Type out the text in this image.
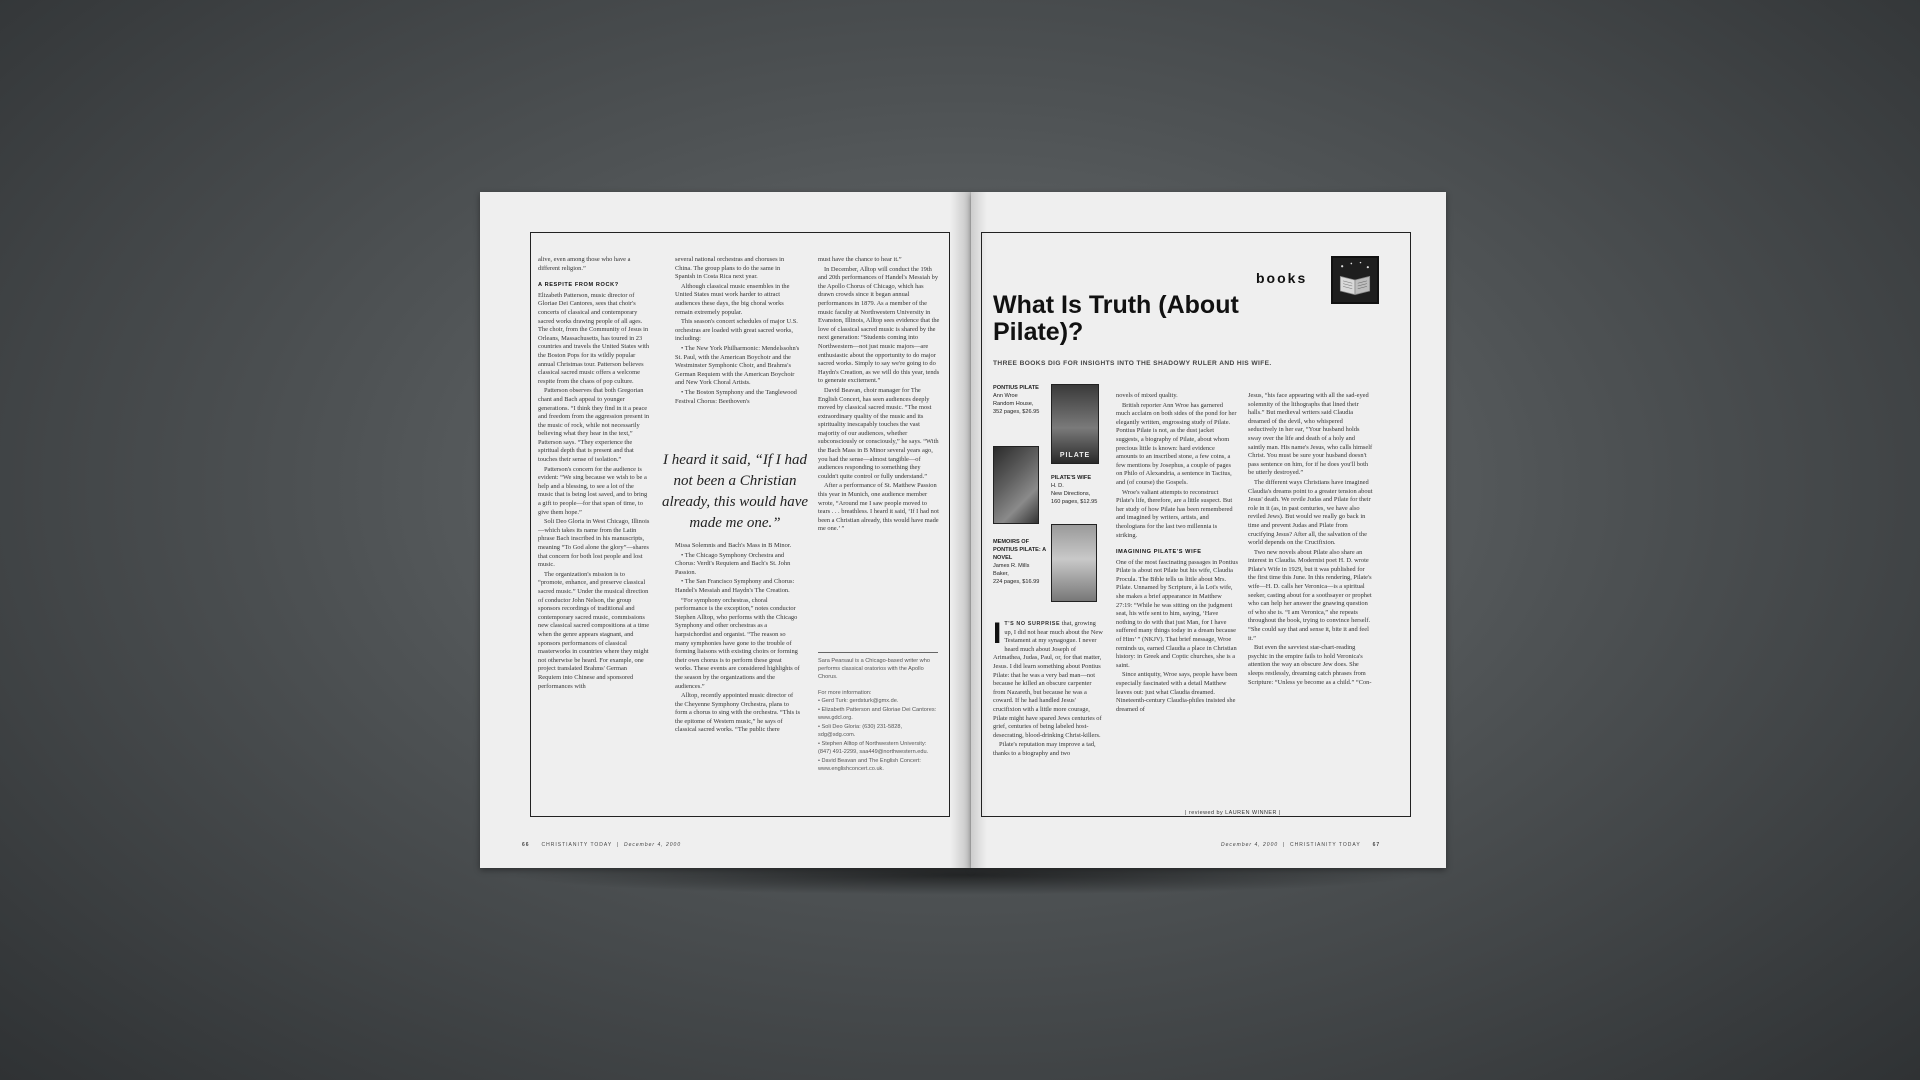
alive, even among those who have a different religion.”

A RESPITE FROM ROCK?

Elizabeth Patterson, music director of Gloriae Dei Cantores, sees that choir's concerts of classical and contemporary sacred works drawing people of all ages. The choir, from the Community of Jesus in Orleans, Massachusetts, has toured in 23 countries and travels the United States with the Boston Pops for its wildly popular annual Christmas tour. Patterson believes classical sacred music offers a welcome respite from the chaos of pop culture.

Patterson observes that both Gregorian chant and Bach appeal to younger generations. “I think they find in it a peace and freedom from the aggression present in the music of rock, while not necessarily believing what they hear in the text,” Patterson says. “They experience the spiritual depth that is present and that touches their sense of isolation.”

Patterson's concern for the audience is evident: “We sing because we wish to be a help and a blessing, to see a lot of the music that is being lost saved, and to bring a gift to people—for that span of time, to give them hope.”

Soli Deo Gloria in West Chicago, Illinois—which takes its name from the Latin phrase Bach inscribed in his manuscripts, meaning “To God alone the glory”—shares that concern for both lost people and lost music.

The organization's mission is to “promote, enhance, and preserve classical sacred music.” Under the musical direction of conductor John Nelson, the group sponsors recordings of traditional and contemporary sacred music, commissions new classical sacred compositions at a time when the genre appears stagnant, and sponsors performances of classical masterworks in countries where they might not otherwise be heard. For example, one project translated Brahms' German Requiem into Chinese and sponsored performances with

several national orchestras and choruses in China. The group plans to do the same in Spanish in Costa Rica next year.

Although classical music ensembles in the United States must work harder to attract audiences these days, the big choral works remain extremely popular.

This season's concert schedules of major U.S. orchestras are loaded with great sacred works, including:

• The New York Philharmonic: Mendelssohn's St. Paul, with the American Boychoir and the Westminster Symphonic Choir, and Brahms's German Requiem with the American Boychoir and New York Choral Artists.

• The Boston Symphony and the Tanglewood Festival Chorus: Beethoven's

I heard it said, “If I had not been a Christian already, this would have made me one.”

Missa Solemnis and Bach's Mass in B Minor.

• The Chicago Symphony Orchestra and Chorus: Verdi's Requiem and Bach's St. John Passion.

• The San Francisco Symphony and Chorus: Handel's Messiah and Haydn's The Creation.

“For symphony orchestras, choral performance is the exception,” notes conductor Stephen Alltop, who performs with the Chicago Symphony and other orchestras as a harpsichordist and organist. “The reason so many symphonies have gone to the trouble of forming liaisons with existing choirs or forming their own chorus is to perform these great works. These events are considered highlights of the season by the organizations and the audiences.”

Alltop, recently appointed music director of the Cheyenne Symphony Orchestra, plans to form a chorus to sing with the orchestra. “This is the epitome of Western music,” he says of classical sacred works. “The public there

must have the chance to hear it.”

In December, Alltop will conduct the 19th and 20th performances of Handel's Messiah by the Apollo Chorus of Chicago, which has drawn crowds since it began annual performances in 1879. As a member of the music faculty at Northwestern University in Evanston, Illinois, Alltop sees evidence that the love of classical sacred music is shared by the next generation: “Students coming into Northwestern—not just music majors—are enthusiastic about the opportunity to do major sacred works. Simply to say we're going to do Haydn's Creation, as we will do this year, tends to generate excitement.”

David Beavan, choir manager for The English Concert, has seen audiences deeply moved by classical sacred music. “The most extraordinary quality of the music and its spirituality inescapably touches the vast majority of our audiences, whether subconsciously or consciously,” he says. “With the Bach Mass in B Minor several years ago, you had the sense—almost tangible—of audiences responding to something they couldn't quite control or fully understand.”

After a performance of St. Matthew Passion this year in Munich, one audience member wrote, “Around me I saw people moved to tears . . . breathless. I heard it said, ‘If I had not been a Christian already, this would have made me one.’ ”

Sara Pearsaul is a Chicago-based writer who performs classical oratorios with the Apollo Chorus.
For more information:
• Gerd Turk: gerdsturk@gmx.de.
• Elizabeth Patterson and Gloriae Dei Cantores: www.gdcl.org.
• Soli Deo Gloria: (630) 231-5828, sdg@sdg.com.
• Stephen Alltop of Northwestern University: (847) 491-2299, saa449@northwestern.edu.
• David Beavan and The English Concert: www.englishconcert.co.uk.
66 CHRISTIANITY TODAY  |  December 4, 2000
books
What Is Truth (About Pilate)?
THREE BOOKS DIG FOR INSIGHTS INTO THE SHADOWY RULER AND HIS WIFE.
PONTIUS PILATE
Ann Wroe
Random House,
352 pages, $26.95
PILATE
PILATE'S WIFE
H. D.
New Directions,
160 pages, $12.95
MEMOIRS OF PONTIUS PILATE: A NOVEL
James R. Mills
Baker,
224 pages, $16.99

I T'S NO SURPRISE that, growing up, I did not hear much about the New Testament at my synagogue. I never heard much about Joseph of Arimathea, Judas, Paul, or, for that matter, Jesus. I did learn something about Pontius Pilate: that he was a very bad man—not because he killed an obscure carpenter from Nazareth, but because he was a coward. If he had handled Jesus' crucifixion with a little more courage, Pilate might have spared Jews centuries of grief, centuries of being labeled host-desecrating, blood-drinking Christ-killers.

Pilate's reputation may improve a tad, thanks to a biography and two

novels of mixed quality.

British reporter Ann Wroe has garnered much acclaim on both sides of the pond for her elegantly written, engrossing study of Pilate. Pontius Pilate is not, as the dust jacket suggests, a biography of Pilate, about whom precious little is known: hard evidence amounts to an inscribed stone, a few coins, a few mentions by Josephus, a couple of pages on Philo of Alexandria, a sentence in Tacitus, and (of course) the Gospels.

Wroe's valiant attempts to reconstruct Pilate's life, therefore, are a little suspect. But her study of how Pilate has been remembered and imagined by writers, artists, and theologians for the last two millennia is striking.

IMAGINING PILATE'S WIFE

One of the most fascinating passages in Pontius Pilate is about not Pilate but his wife, Claudia Procula. The Bible tells us little about Mrs. Pilate. Unnamed by Scripture, à la Lot's wife, she makes a brief appearance in Matthew 27:19: “While he was sitting on the judgment seat, his wife sent to him, saying, ‘Have nothing to do with that just Man, for I have suffered many things today in a dream because of Him’ ” (NKJV). That brief message, Wroe reminds us, earned Claudia a place in Christian history: in Greek and Coptic churches, she is a saint.

Since antiquity, Wroe says, people have been especially fascinated with a detail Matthew leaves out: just what Claudia dreamed. Nineteenth-century Claudia-philes insisted she dreamed of

Jesus, “his face appearing with all the sad-eyed solemnity of the lithographs that lined their halls.” But medieval writers said Claudia dreamed of the devil, who whispered seductively in her ear, “Your husband holds sway over the life and death of a holy and saintly man. His name's Jesus, who calls himself Christ. You must be sure your husband doesn't pass sentence on him, for if he does you'll both be utterly destroyed.”

The different ways Christians have imagined Claudia's dreams point to a greater tension about Jesus' death. We revile Judas and Pilate for their role in it (as, in past centuries, we have also reviled Jews). But would we really go back in time and prevent Judas and Pilate from crucifying Jesus? After all, the salvation of the world depends on the Crucifixion.

Two new novels about Pilate also share an interest in Claudia. Modernist poet H. D. wrote Pilate's Wife in 1929, but it was published for the first time this June. In this rendering, Pilate's wife—H. D. calls her Veronica—is a spiritual seeker, casting about for a soothsayer or prophet who can help her answer the gnawing question of who she is. “I am Veronica,” she repeats throughout the book, trying to convince herself. “She could say that and sense it, bite it and feel it.”

But even the savviest star-chart-reading psychic in the empire fails to hold Veronica's attention the way an obscure Jew does. She sleeps restlessly, dreaming catch phrases from Scripture: “Unless ye become as a child.” “Con-

| reviewed by LAUREN WINNER |
December 4, 2000  |  CHRISTIANITY TODAY 67
